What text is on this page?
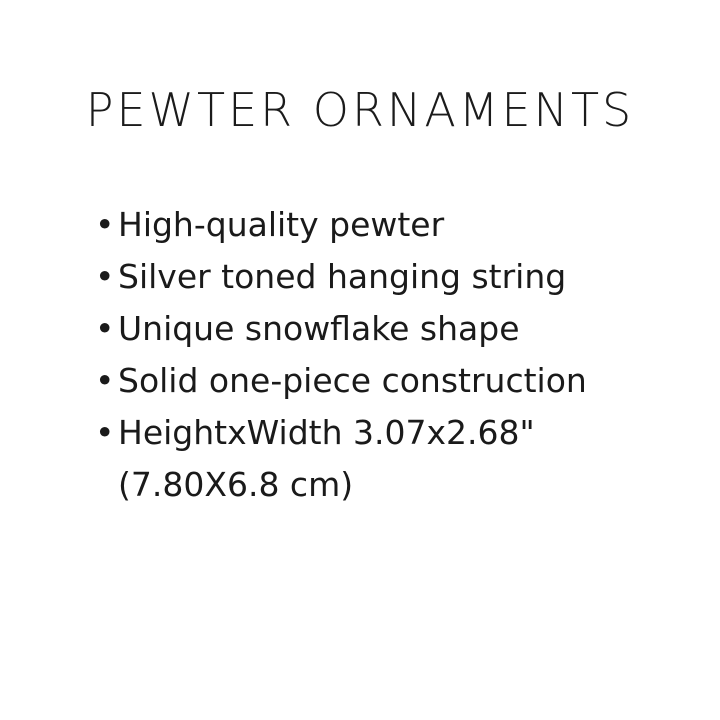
PEWTER ORNAMENTS
• High-quality pewter
• Silver toned hanging string
• Unique snowflake shape
• Solid one-piece construction
• HeightxWidth 3.07x2.68"
(7.80X6.8 cm)
